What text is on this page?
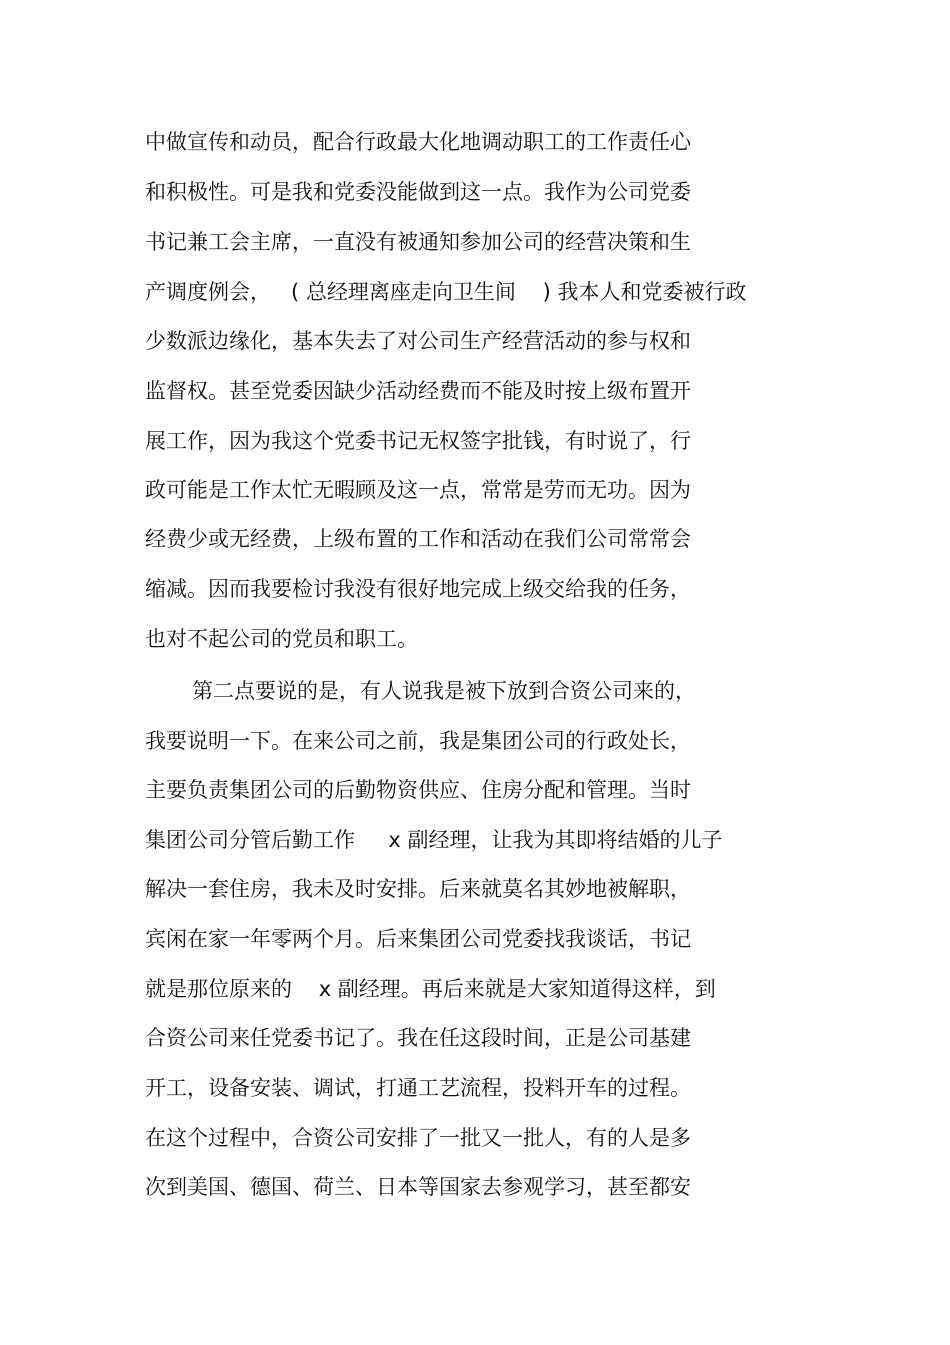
中做宣传和动员，配合行政最大化地调动职工的工作责任心
和积极性。可是我和党委没能做到这一点。我作为公司党委
书记兼工会主席，一直没有被通知参加公司的经营决策和生
产调度例会，   ( 总经理离座走向卫生间    ) 我本人和党委被行政
少数派边缘化，基本失去了对公司生产经营活动的参与权和
监督权。甚至党委因缺少活动经费而不能及时按上级布置开
展工作，因为我这个党委书记无权签字批钱，有时说了，行
政可能是工作太忙无暇顾及这一点，常常是劳而无功。因为
经费少或无经费，上级布置的工作和活动在我们公司常常会
缩减。因而我要检讨我没有很好地完成上级交给我的任务，
也对不起公司的党员和职工。
第二点要说的是，有人说我是被下放到合资公司来的，
我要说明一下。在来公司之前，我是集团公司的行政处长，
主要负责集团公司的后勤物资供应、住房分配和管理。当时
集团公司分管后勤工作     x 副经理，让我为其即将结婚的儿子
解决一套住房，我未及时安排。后来就莫名其妙地被解职，
宾闲在家一年零两个月。后来集团公司党委找我谈话，书记
就是那位原来的    x 副经理。再后来就是大家知道得这样，到
合资公司来任党委书记了。我在任这段时间，正是公司基建
开工，设备安装、调试，打通工艺流程，投料开车的过程。
在这个过程中，合资公司安排了一批又一批人，有的人是多
次到美国、德国、荷兰、日本等国家去参观学习，甚至都安
